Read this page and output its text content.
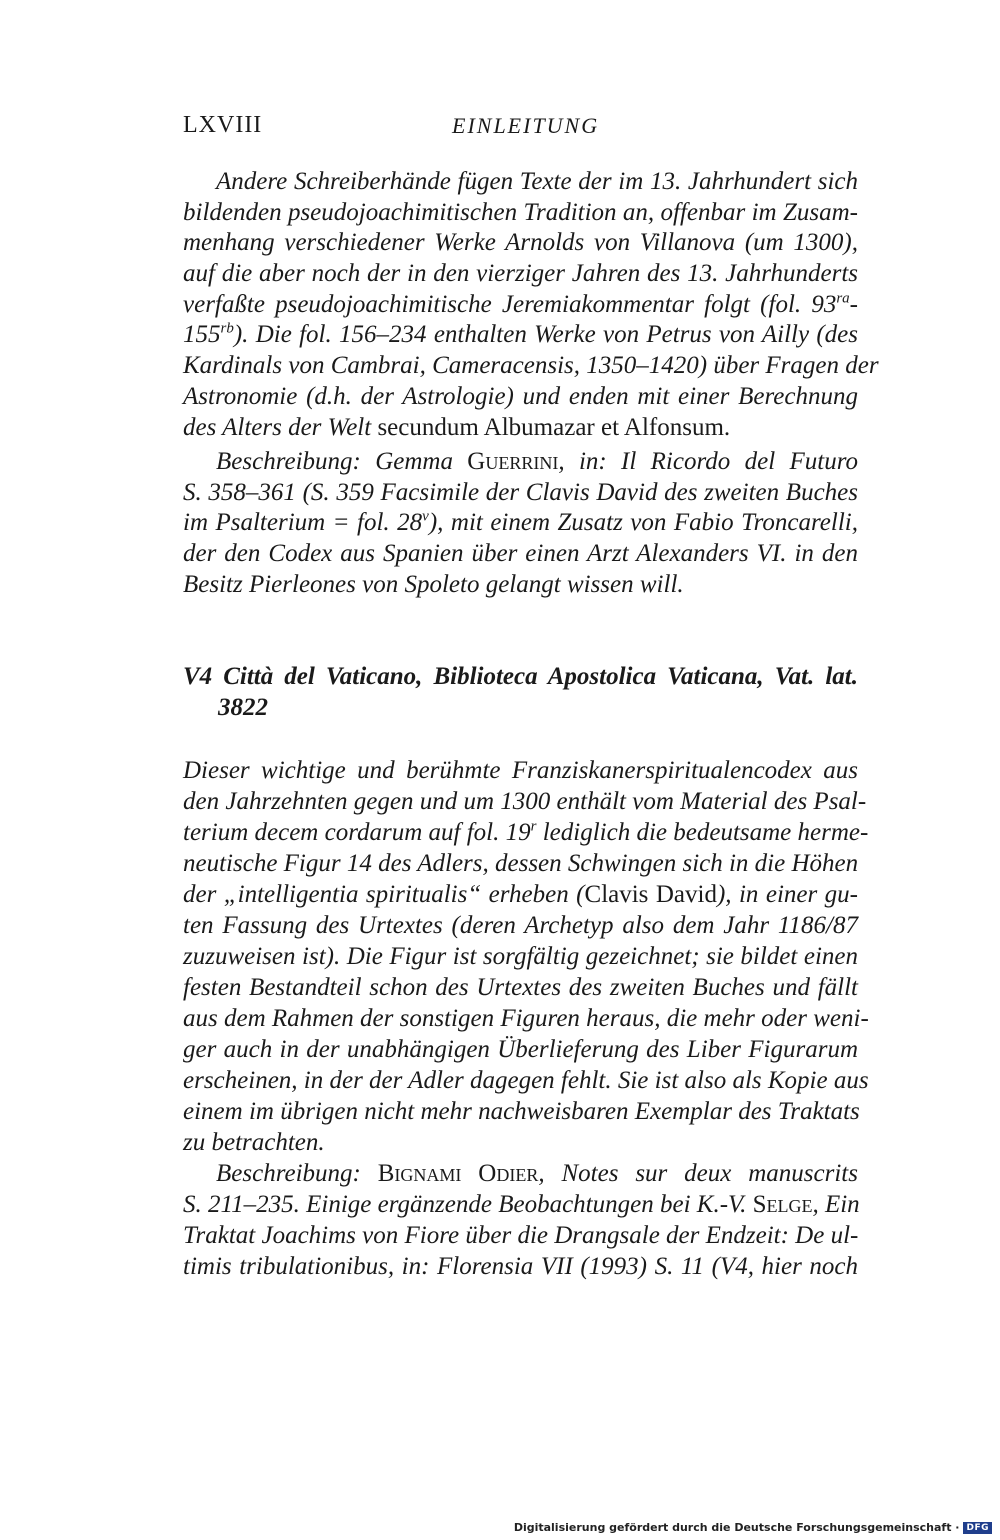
LXVIII	EINLEITUNG
Andere Schreiberhände fügen Texte der im 13. Jahrhundert sich
bildenden pseudojoachimitischen Tradition an, offenbar im Zusam-
menhang verschiedener Werke Arnolds von Villanova (um 1300),
auf die aber noch der in den vierziger Jahren des 13. Jahrhunderts
verfaßte pseudojoachimitische Jeremiakommentar folgt (fol. $93^{ra}-$
$155^{rb}$). Die fol. 156–234 enthalten Werke von Petrus von Ailly (des
Kardinals von Cambrai, Cameracensis, 1350–1420) über Fragen der
Astronomie (d.h. der Astrologie) und enden mit einer Berechnung
des Alters der Welt secundum Albumazar et Alfonsum.
Beschreibung: Gemma Guerrini, in: Il Ricordo del Futuro
S. 358–361 (S. 359 Facsimile der Clavis David des zweiten Buches
im Psalterium = fol. 28$^v$), mit einem Zusatz von Fabio Troncarelli,
der den Codex aus Spanien über einen Arzt Alexanders VI. in den
Besitz Pierleones von Spoleto gelangt wissen will.
V4 Città del Vaticano, Biblioteca Apostolica Vaticana, Vat. lat.
3822
Dieser wichtige und berühmte Franziskanerspiritualencodex aus
den Jahrzehnten gegen und um 1300 enthält vom Material des Psal-
terium decem cordarum auf fol. 19$^r$ lediglich die bedeutsame herme-
neutische Figur 14 des Adlers, dessen Schwingen sich in die Höhen
der „intelligentia spiritualis“ erheben (Clavis David), in einer gu-
ten Fassung des Urtextes (deren Archetyp also dem Jahr 1186/87
zuzuweisen ist). Die Figur ist sorgfältig gezeichnet; sie bildet einen
festen Bestandteil schon des Urtextes des zweiten Buches und fällt
aus dem Rahmen der sonstigen Figuren heraus, die mehr oder weni-
ger auch in der unabhängigen Überlieferung des Liber Figurarum
erscheinen, in der der Adler dagegen fehlt. Sie ist also als Kopie aus
einem im übrigen nicht mehr nachweisbaren Exemplar des Traktats
zu betrachten.
Beschreibung: Bignami Odier, Notes sur deux manuscrits
S. 211–235. Einige ergänzende Beobachtungen bei K.-V. Selge, Ein
Traktat Joachims von Fiore über die Drangsale der Endzeit: De ul-
timis tribulationibus, in: Florensia VII (1993) S. 11 (V4, hier noch
Digitalisierung gefördert durch die Deutsche Forschungsgemeinschaft · DFG
